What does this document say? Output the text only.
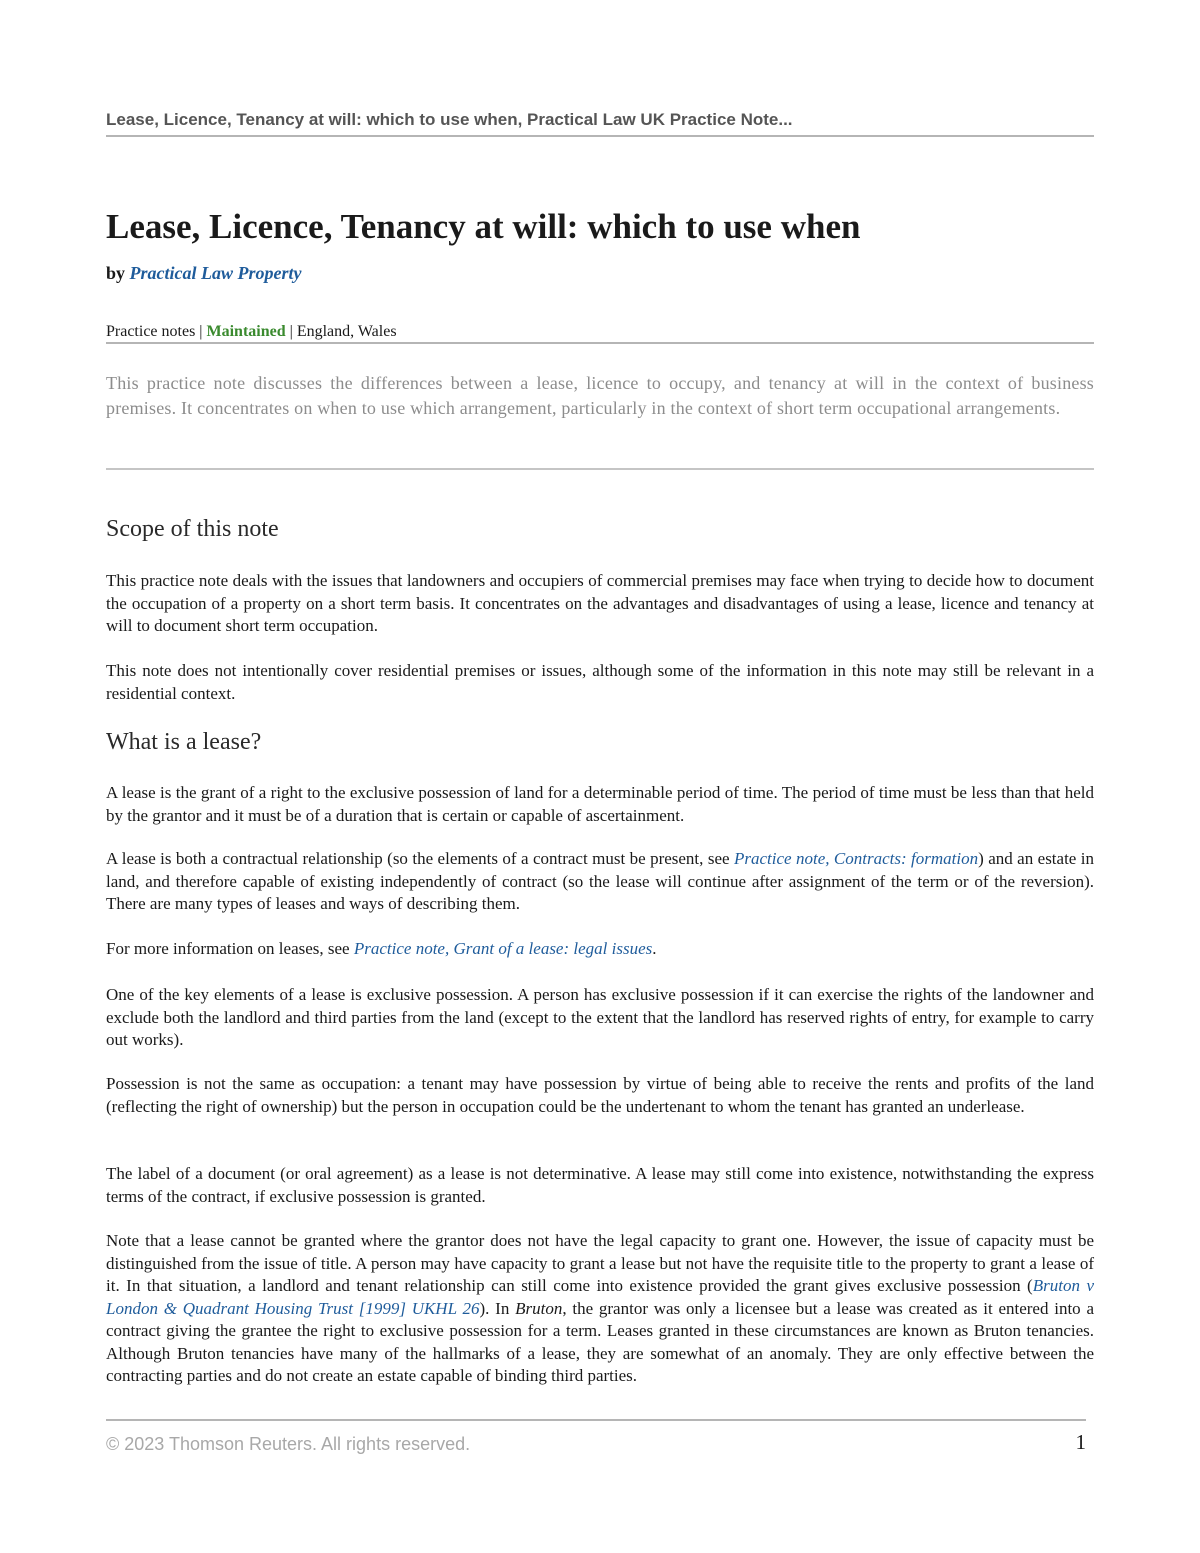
Lease, Licence, Tenancy at will: which to use when, Practical Law UK Practice Note...
Lease, Licence, Tenancy at will: which to use when
by Practical Law Property
Practice notes | Maintained | England, Wales

This practice note discusses the differences between a lease, licence to occupy, and tenancy at will in the context of business premises. It concentrates on when to use which arrangement, particularly in the context of short term occupational arrangements.

Scope of this note

This practice note deals with the issues that landowners and occupiers of commercial premises may face when trying to decide how to document the occupation of a property on a short term basis. It concentrates on the advantages and disadvantages of using a lease, licence and tenancy at will to document short term occupation.

This note does not intentionally cover residential premises or issues, although some of the information in this note may still be relevant in a residential context.

What is a lease?

A lease is the grant of a right to the exclusive possession of land for a determinable period of time. The period of time must be less than that held by the grantor and it must be of a duration that is certain or capable of ascertainment.

A lease is both a contractual relationship (so the elements of a contract must be present, see Practice note, Contracts: formation) and an estate in land, and therefore capable of existing independently of contract (so the lease will continue after assignment of the term or of the reversion). There are many types of leases and ways of describing them.

For more information on leases, see Practice note, Grant of a lease: legal issues.

One of the key elements of a lease is exclusive possession. A person has exclusive possession if it can exercise the rights of the landowner and exclude both the landlord and third parties from the land (except to the extent that the landlord has reserved rights of entry, for example to carry out works).

Possession is not the same as occupation: a tenant may have possession by virtue of being able to receive the rents and profits of the land (reflecting the right of ownership) but the person in occupation could be the undertenant to whom the tenant has granted an underlease.

The label of a document (or oral agreement) as a lease is not determinative. A lease may still come into existence, notwithstanding the express terms of the contract, if exclusive possession is granted.

Note that a lease cannot be granted where the grantor does not have the legal capacity to grant one. However, the issue of capacity must be distinguished from the issue of title. A person may have capacity to grant a lease but not have the requisite title to the property to grant a lease of it. In that situation, a landlord and tenant relationship can still come into existence provided the grant gives exclusive possession (Bruton v London & Quadrant Housing Trust [1999] UKHL 26). In Bruton, the grantor was only a licensee but a lease was created as it entered into a contract giving the grantee the right to exclusive possession for a term. Leases granted in these circumstances are known as Bruton tenancies. Although Bruton tenancies have many of the hallmarks of a lease, they are somewhat of an anomaly. They are only effective between the contracting parties and do not create an estate capable of binding third parties.

© 2023 Thomson Reuters. All rights reserved.	1
